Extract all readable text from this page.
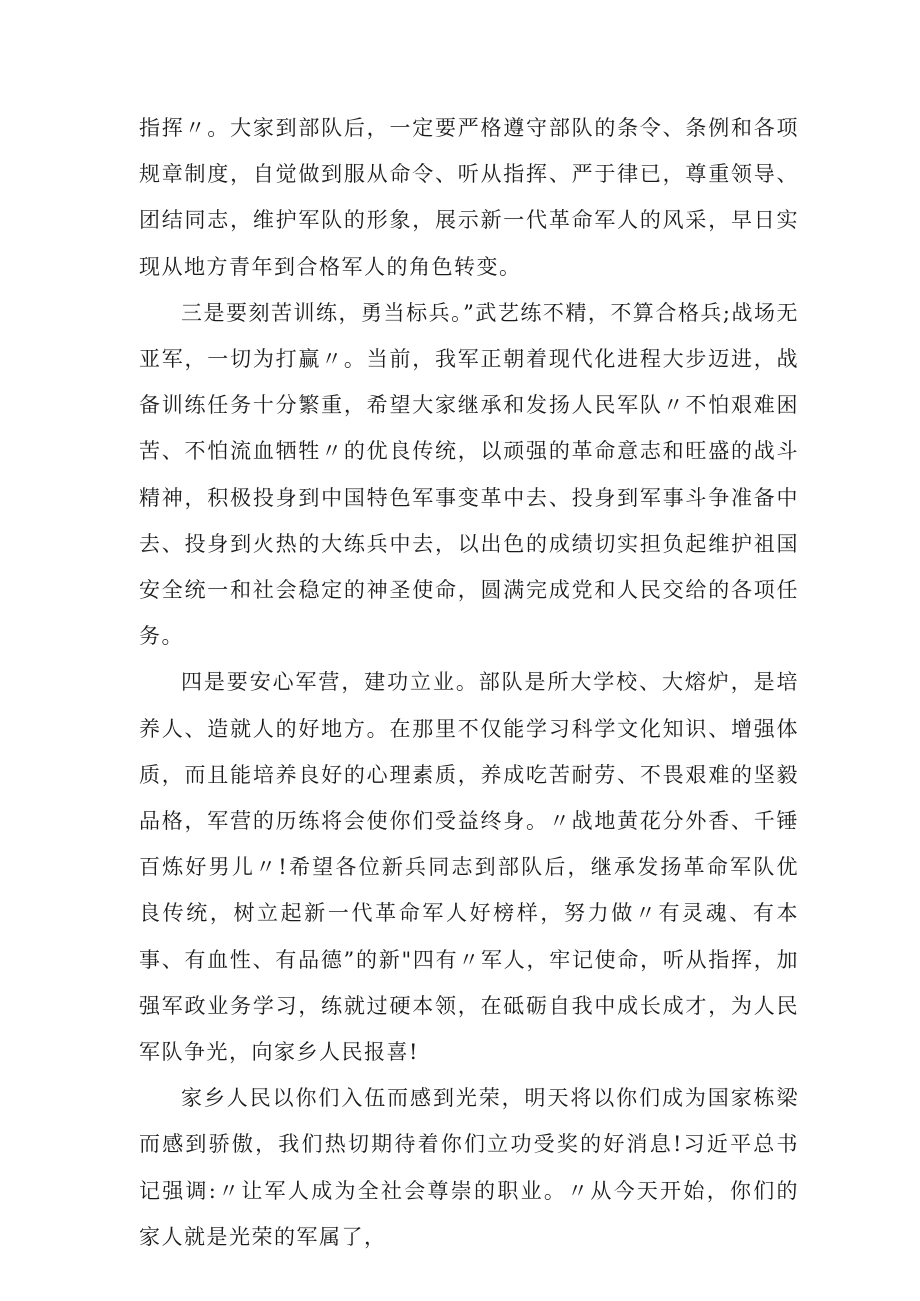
指挥〃。大家到部队后，一定要严格遵守部队的条令、条例和各项规章制度，自觉做到服从命令、听从指挥、严于律已，尊重领导、团结同志，维护军队的形象，展示新一代革命军人的风采，早日实现从地方青年到合格军人的角色转变。

三是要刻苦训练，勇当标兵。”武艺练不精，不算合格兵;战场无亚军，一切为打赢〃。当前，我军正朝着现代化进程大步迈进，战备训练任务十分繁重，希望大家继承和发扬人民军队〃不怕艰难困苦、不怕流血牺牲〃的优良传统，以顽强的革命意志和旺盛的战斗精神，积极投身到中国特色军事变革中去、投身到军事斗争准备中去、投身到火热的大练兵中去，以出色的成绩切实担负起维护祖国安全统一和社会稳定的神圣使命，圆满完成党和人民交给的各项任务。

四是要安心军营，建功立业。部队是所大学校、大熔炉，是培养人、造就人的好地方。在那里不仅能学习科学文化知识、增强体质，而且能培养良好的心理素质，养成吃苦耐劳、不畏艰难的坚毅品格，军营的历练将会使你们受益终身。〃战地黄花分外香、千锤百炼好男儿〃!希望各位新兵同志到部队后，继承发扬革命军队优良传统，树立起新一代革命军人好榜样，努力做〃有灵魂、有本事、有血性、有品德”的新"四有〃军人，牢记使命，听从指挥，加强军政业务学习，练就过硬本领，在砥砺自我中成长成才，为人民军队争光，向家乡人民报喜!

家乡人民以你们入伍而感到光荣，明天将以你们成为国家栋梁而感到骄傲，我们热切期待着你们立功受奖的好消息!习近平总书记强调:〃让军人成为全社会尊崇的职业。〃从今天开始，你们的家人就是光荣的军属了，
